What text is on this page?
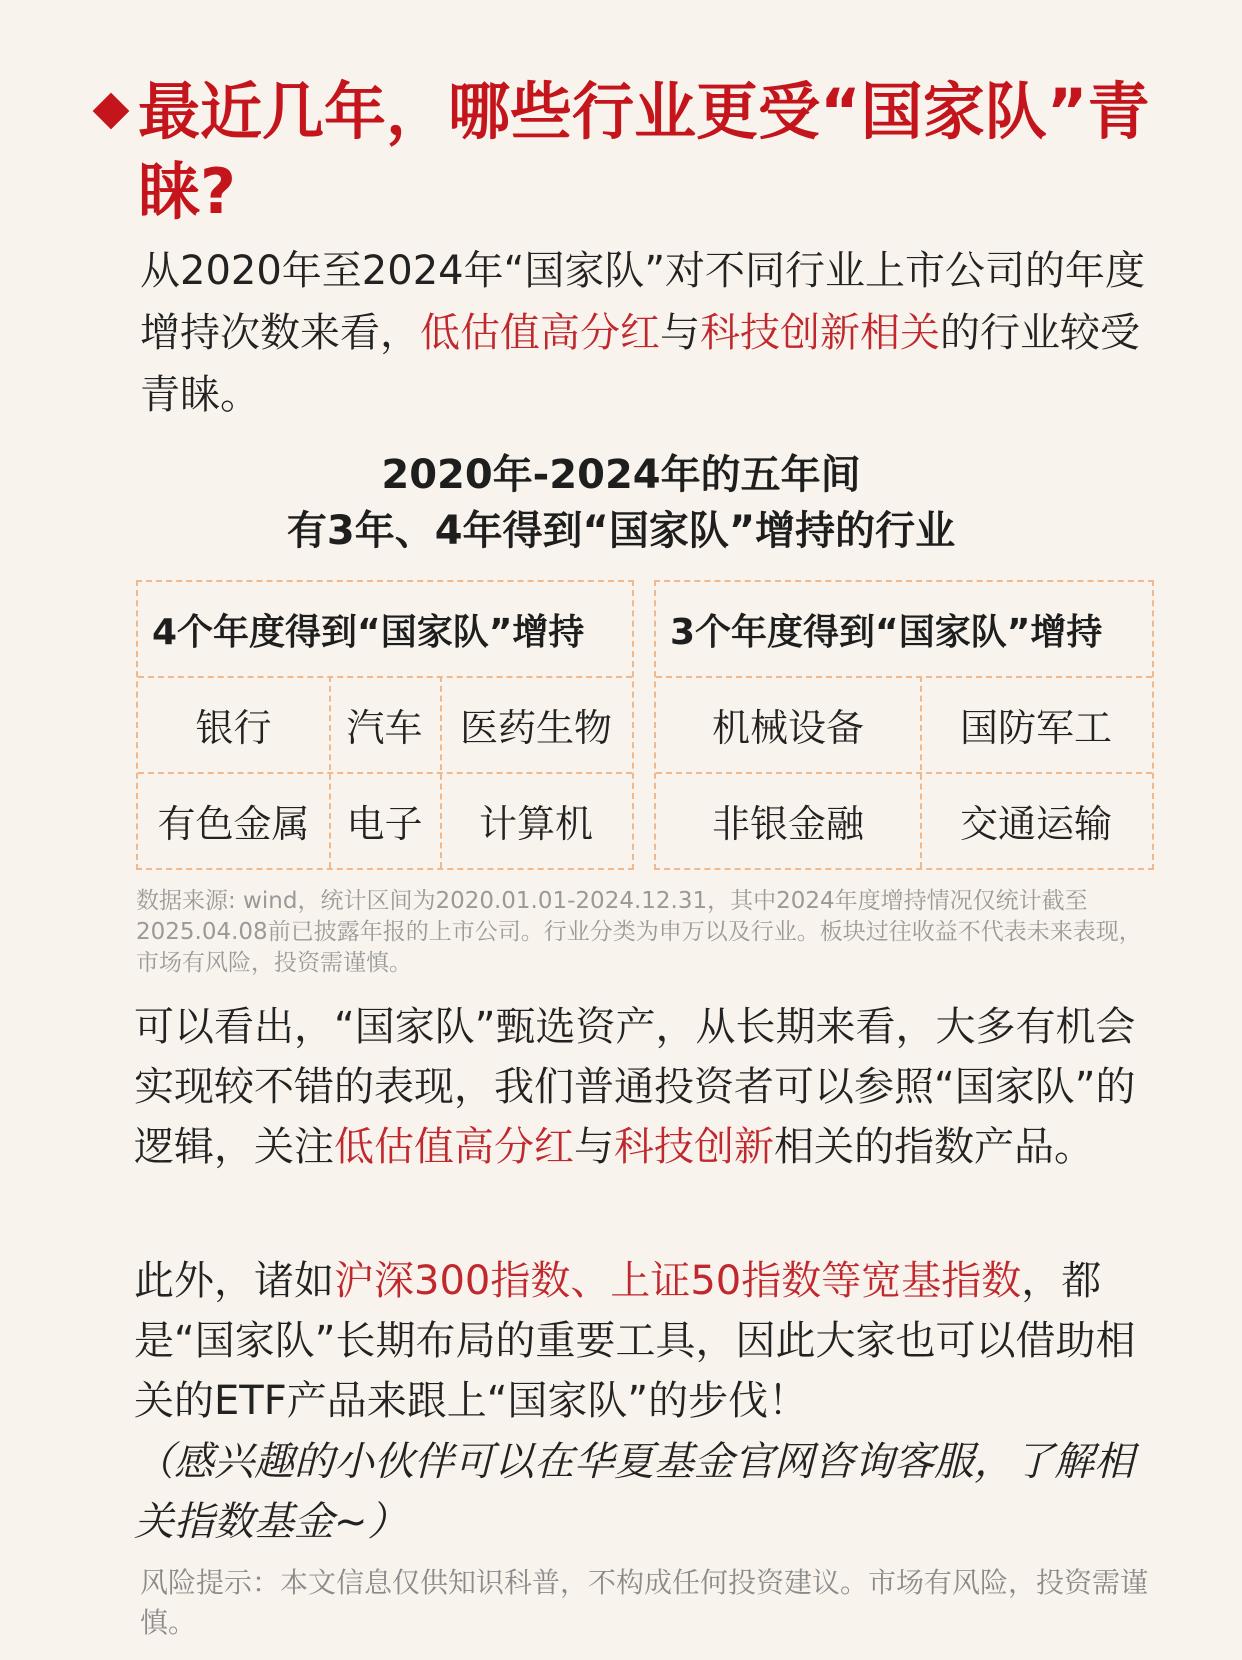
最近几年，哪些行业更受“国家队”青睐?

从2020年至2024年“国家队”对不同行业上市公司的年度增持次数来看，低估值高分红与科技创新相关的行业较受青睐。

2020年-2024年的五年间
有3年、4年得到“国家队”增持的行业
4个年度得到“国家队”增持
银行	汽车 医药生物
有色金属 电子	计算机
3个年度得到“国家队”增持
机械设备	国防军工
非银金融	交通运输

数据来源: wind，统计区间为2020.01.01-2024.12.31，其中2024年度增持情况仅统计截至2025.04.08前已披露年报的上市公司。行业分类为申万以及行业。板块过往收益不代表未来表现，市场有风险，投资需谨慎。

可以看出，“国家队”甄选资产，从长期来看，大多有机会实现较不错的表现，我们普通投资者可以参照“国家队”的逻辑，关注低估值高分红与科技创新相关的指数产品。

此外，诸如沪深300指数、上证50指数等宽基指数，都是“国家队”长期布局的重要工具，因此大家也可以借助相关的ETF产品来跟上“国家队”的步伐！

（感兴趣的小伙伴可以在华夏基金官网咨询客服，了解相关指数基金~）

风险提示：本文信息仅供知识科普，不构成任何投资建议。市场有风险，投资需谨慎。
